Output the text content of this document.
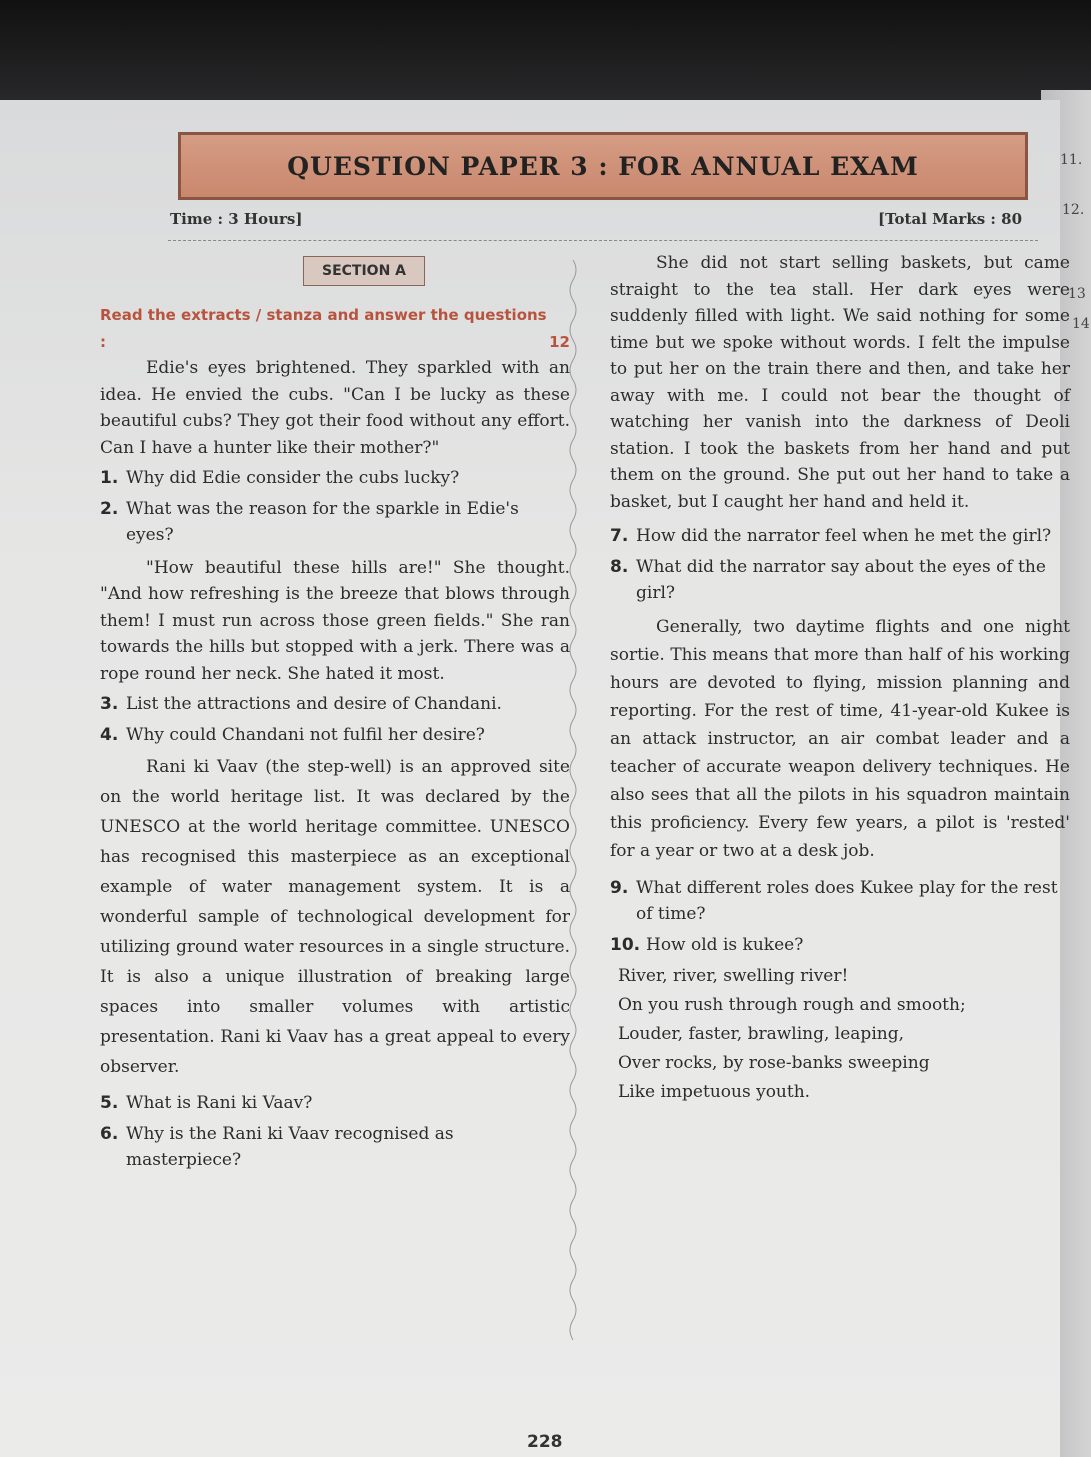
11.
12.
13
14
QUESTION PAPER 3 : FOR ANNUAL EXAM
Time : 3 Hours]	[Total Marks : 80
SECTION A
Read the extracts / stanza and answer the questions :	12

Edie's eyes brightened. They sparkled with an idea. He envied the cubs. "Can I be lucky as these beautiful cubs? They got their food without any effort. Can I have a hunter like their mother?"

1. Why did Edie consider the cubs lucky?
2. What was the reason for the sparkle in Edie's eyes?

"How beautiful these hills are!" She thought. "And how refreshing is the breeze that blows through them! I must run across those green fields." She ran towards the hills but stopped with a jerk. There was a rope round her neck. She hated it most.

3. List the attractions and desire of Chandani.
4. Why could Chandani not fulfil her desire?

Rani ki Vaav (the step-well) is an approved site on the world heritage list. It was declared by the UNESCO at the world heritage committee. UNESCO has recognised this masterpiece as an exceptional example of water management system. It is a wonderful sample of technological development for utilizing ground water resources in a single structure. It is also a unique illustration of breaking large spaces into smaller volumes with artistic presentation. Rani ki Vaav has a great appeal to every observer.

5. What is Rani ki Vaav?
6. Why is the Rani ki Vaav recognised as masterpiece?

She did not start selling baskets, but came straight to the tea stall. Her dark eyes were suddenly filled with light. We said nothing for some time but we spoke without words. I felt the impulse to put her on the train there and then, and take her away with me. I could not bear the thought of watching her vanish into the darkness of Deoli station. I took the baskets from her hand and put them on the ground. She put out her hand to take a basket, but I caught her hand and held it.

7. How did the narrator feel when he met the girl?
8. What did the narrator say about the eyes of the girl?

Generally, two daytime flights and one night sortie. This means that more than half of his working hours are devoted to flying, mission planning and reporting. For the rest of time, 41-year-old Kukee is an attack instructor, an air combat leader and a teacher of accurate weapon delivery techniques. He also sees that all the pilots in his squadron maintain this proficiency. Every few years, a pilot is 'rested' for a year or two at a desk job.

9. What different roles does Kukee play for the rest of time?
10. How old is kukee?

River, river, swelling river!

On you rush through rough and smooth;

Louder, faster, brawling, leaping,

Over rocks, by rose-banks sweeping

Like impetuous youth.

228
